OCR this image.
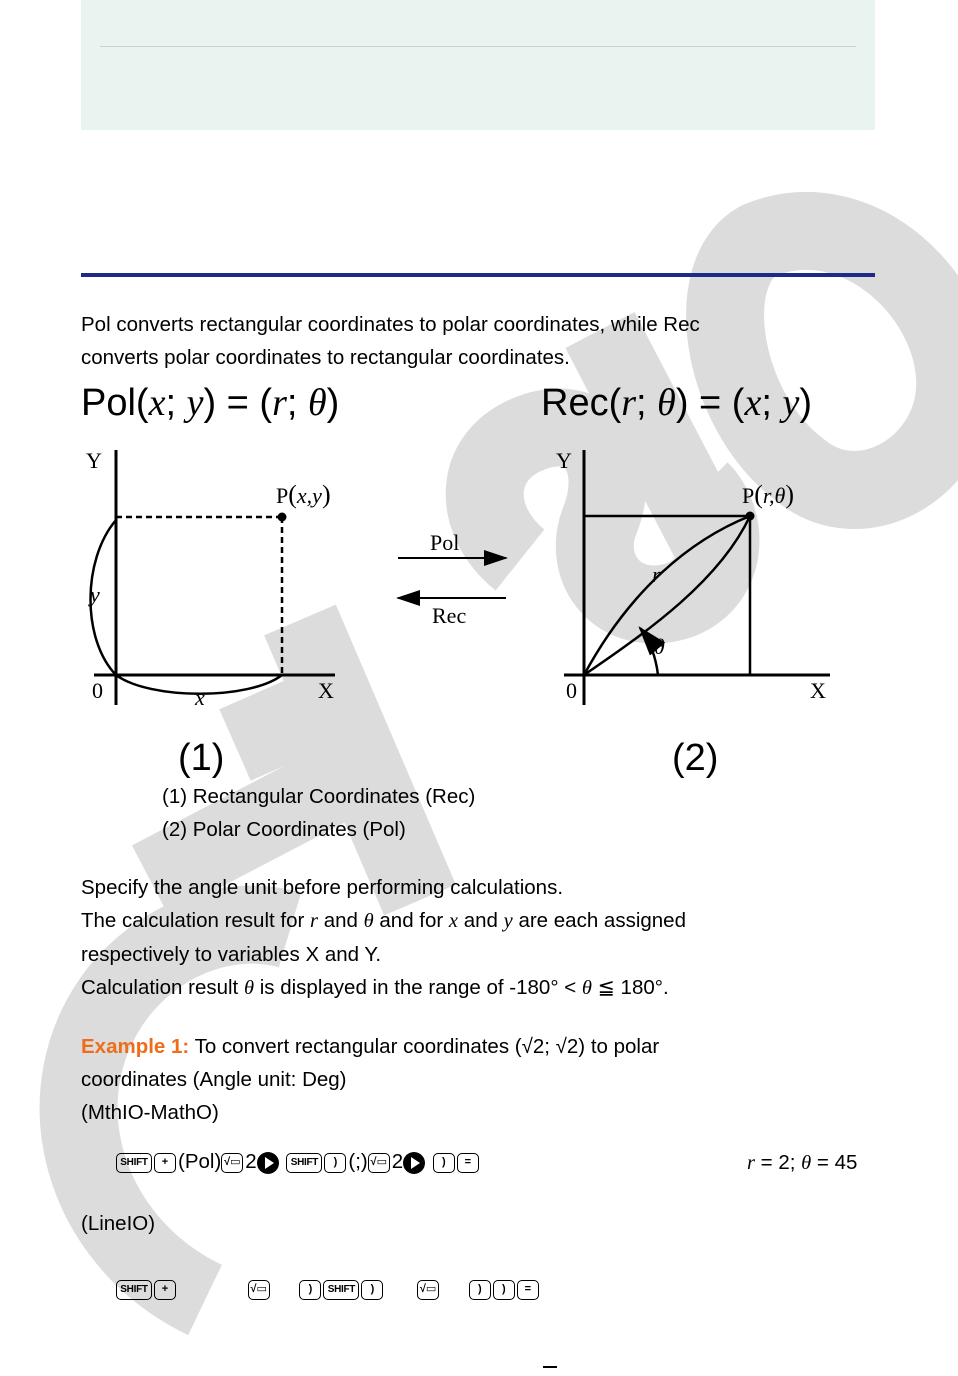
Pol converts rectangular coordinates to polar coordinates, while Rec
converts polar coordinates to rectangular coordinates.
Pol(x; y) = (r; θ)	Rec(r; θ) = (x; y)
Y
X
0
P(x,y)
y
x
Pol
Rec
Y
X
0
P(r,θ)
r
θ
(1)	(2)
(1) Rectangular Coordinates (Rec)
(2) Polar Coordinates (Pol)
Specify the angle unit before performing calculations.
The calculation result for r and θ and for x and y are each assigned
respectively to variables X and Y.
Calculation result θ is displayed in the range of -180° < θ ≦ 180°.
Example 1: To convert rectangular coordinates (√2; √2) to polar
coordinates (Angle unit: Deg)
(MthIO-MathO)
SHIFT + (Pol) √▭ 2	SHIFT ) (;) √▭ 2	) =	r = 2; θ = 45
(LineIO)
SHIFT +	√▭	) SHIFT )	√▭	) ) =
